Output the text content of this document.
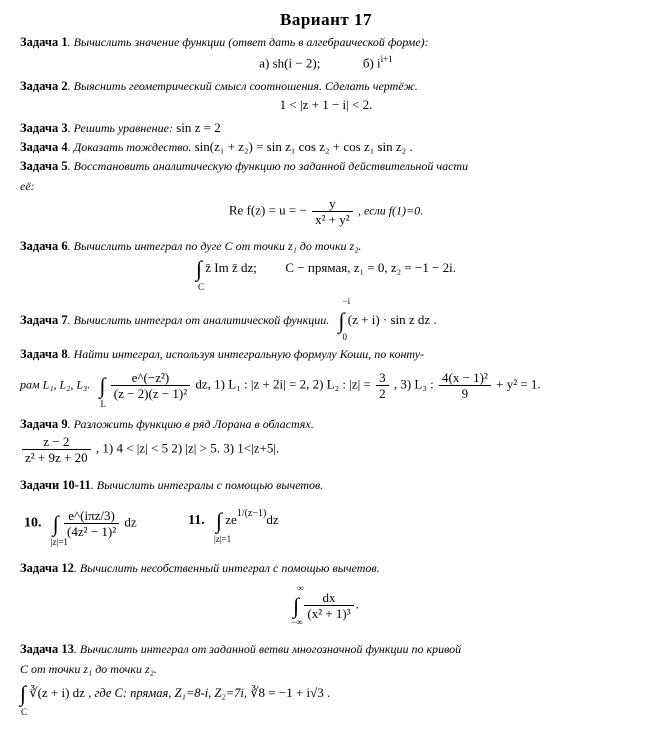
Вариант 17
Задача 1. Вычислить значение функции (ответ дать в алгебраической форме):
а) sh(i − 2);	б) $i^{i+1}$
Задача 2. Выяснить геометрический смысл соотношения. Сделать чертёж.
1 < |z + 1 − i| < 2.
Задача 3. Решить уравнение: sin z = 2
Задача 4. Доказать тождество. sin(z₁ + z₂) = sin z₁ cos z₂ + cos z₁ sin z₂ .
Задача 5. Восстановить аналитическую функцию по заданной действительной части
её:
Re f(z) = u = − $\frac{y}{\text{x² + y²}}$ , если f(1)=0.
Задача 6. Вычислить интеграл по дуге C от точки z₁ до точки z₂.
∫
C
z̄ Im z̄ dz; C − прямая, z₁ = 0, z₂ = −1 − 2i.
Задача 7. Вычислить интеграл от аналитической функции.
−i
∫
0
(z + i) · sin z dz .
Задача 8. Найти интеграл, используя интегральную формулу Коши, по конту-
рам L₁, L₂, L₃. ∫
L

$\frac{\text{e\textasciicircum{}(−z²)}}{\text{(z − 2)(z − 1)²}}$ dz, 1) L₁ : |z + 2i| = 2, 2) L₂ : $|z| = \frac{3}{2}$ , 3) L₃ : $\frac{\text{4(x − 1)²}}{9} + y^2 = 1$.
Задача 9. Разложить функцию в ряд Лорана в областях.
$\frac{z - 2}{\text{z² + 9z + 20}}$ , 1) 4 < |z| < 5 2) |z| > 5. 3) 1<|z+5|.
Задачи 10-11. Вычислить интегралы с помощью вычетов.
10. ∫
|z|=1

$\frac{\text{e\textasciicircum{}(iπz/3)}}{\text{(4z² − 1)²}}$ dz	11. ∫
|z|=1
$ze^{1/(z-1)}dz$
Задача 12. Вычислить несобственный интеграл с помощью вычетов.
∞
∫
−∞

$\frac{dx}{\text{(x² + 1)³}}$ .
Задача 13. Вычислить интеграл от заданной ветви многозначной функции по кривой
C от точки z₁ до точки z₂.
∫
C
∛(z + i) dz , где C: прямая, Z₁=8-i, Z₂=7i, ∛8 = −1 + i√3 .
